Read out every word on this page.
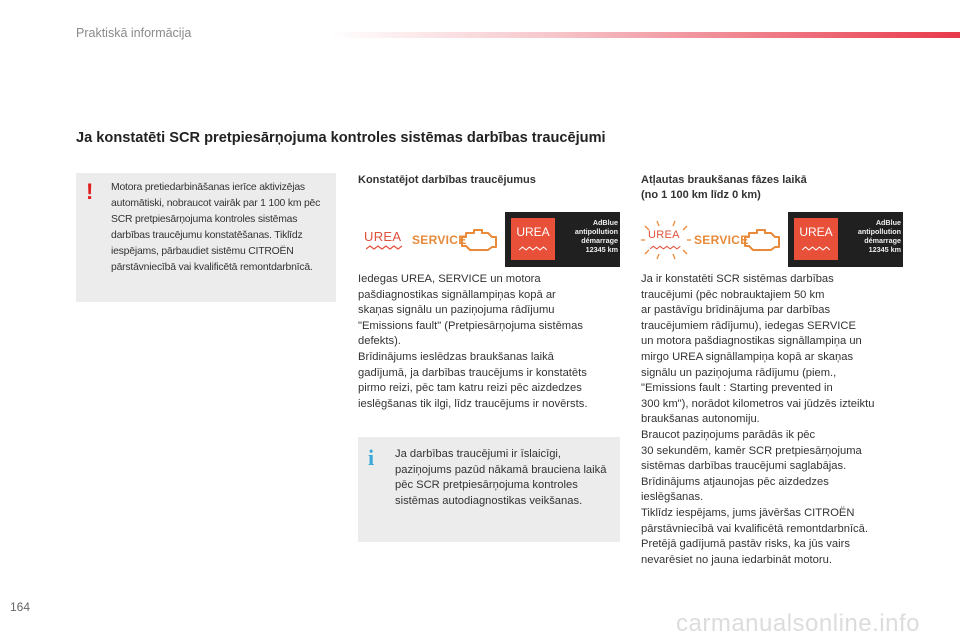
Praktiskā informācija
Ja konstatēti SCR pretpiesārņojuma kontroles sistēmas darbības traucējumi
! Motora pretiedarbināšanas ierīce aktivizējas automātiski, nobraucot vairāk par 1 100 km pēc SCR pretpiesārņojuma kontroles sistēmas darbības traucējumu konstatēšanas. Tiklīdz iespējams, pārbaudiet sistēmu CITROËN pārstāvniecībā vai kvalificētā remontdarbnīcā.
Konstatējot darbības traucējumus
UREA SERVICE
UREA
AdBlue
antipollution
démarrage
12345 km
Iedegas UREA, SERVICE un motora
pašdiagnostikas signāllampiņas kopā ar
skaņas signālu un paziņojuma rādījumu
"Emissions fault" (Pretpiesārņojuma sistēmas
defekts).
Brīdinājums ieslēdzas braukšanas laikā
gadījumā, ja darbības traucējums ir konstatēts
pirmo reizi, pēc tam katru reizi pēc aizdedzes
ieslēgšanas tik ilgi, līdz traucējums ir novērsts.
i Ja darbības traucējumi ir īslaicīgi, paziņojums pazūd nākamā brauciena laikā pēc SCR pretpiesārņojuma kontroles sistēmas autodiagnostikas veikšanas.
Atļautas braukšanas fāzes laikā
(no 1 100 km līdz 0 km)
UREA SERVICE
UREA
AdBlue
antipollution
démarrage
12345 km
Ja ir konstatēti SCR sistēmas darbības
traucējumi (pēc nobrauktajiem 50 km
ar pastāvīgu brīdinājuma par darbības
traucējumiem rādījumu), iedegas SERVICE
un motora pašdiagnostikas signāllampiņa un
mirgo UREA signāllampiņa kopā ar skaņas
signālu un paziņojuma rādījumu (piem.,
"Emissions fault : Starting prevented in
300 km"), norādot kilometros vai jūdzēs izteiktu
braukšanas autonomiju.
Braucot paziņojums parādās ik pēc
30 sekundēm, kamēr SCR pretpiesārņojuma
sistēmas darbības traucējumi saglabājas.
Brīdinājums atjaunojas pēc aizdedzes
ieslēgšanas.
Tiklīdz iespējams, jums jāvēršas CITROËN
pārstāvniecībā vai kvalificētā remontdarbnīcā.
Pretējā gadījumā pastāv risks, ka jūs vairs
nevarēsiet no jauna iedarbināt motoru.
164
carmanualsonline.info
